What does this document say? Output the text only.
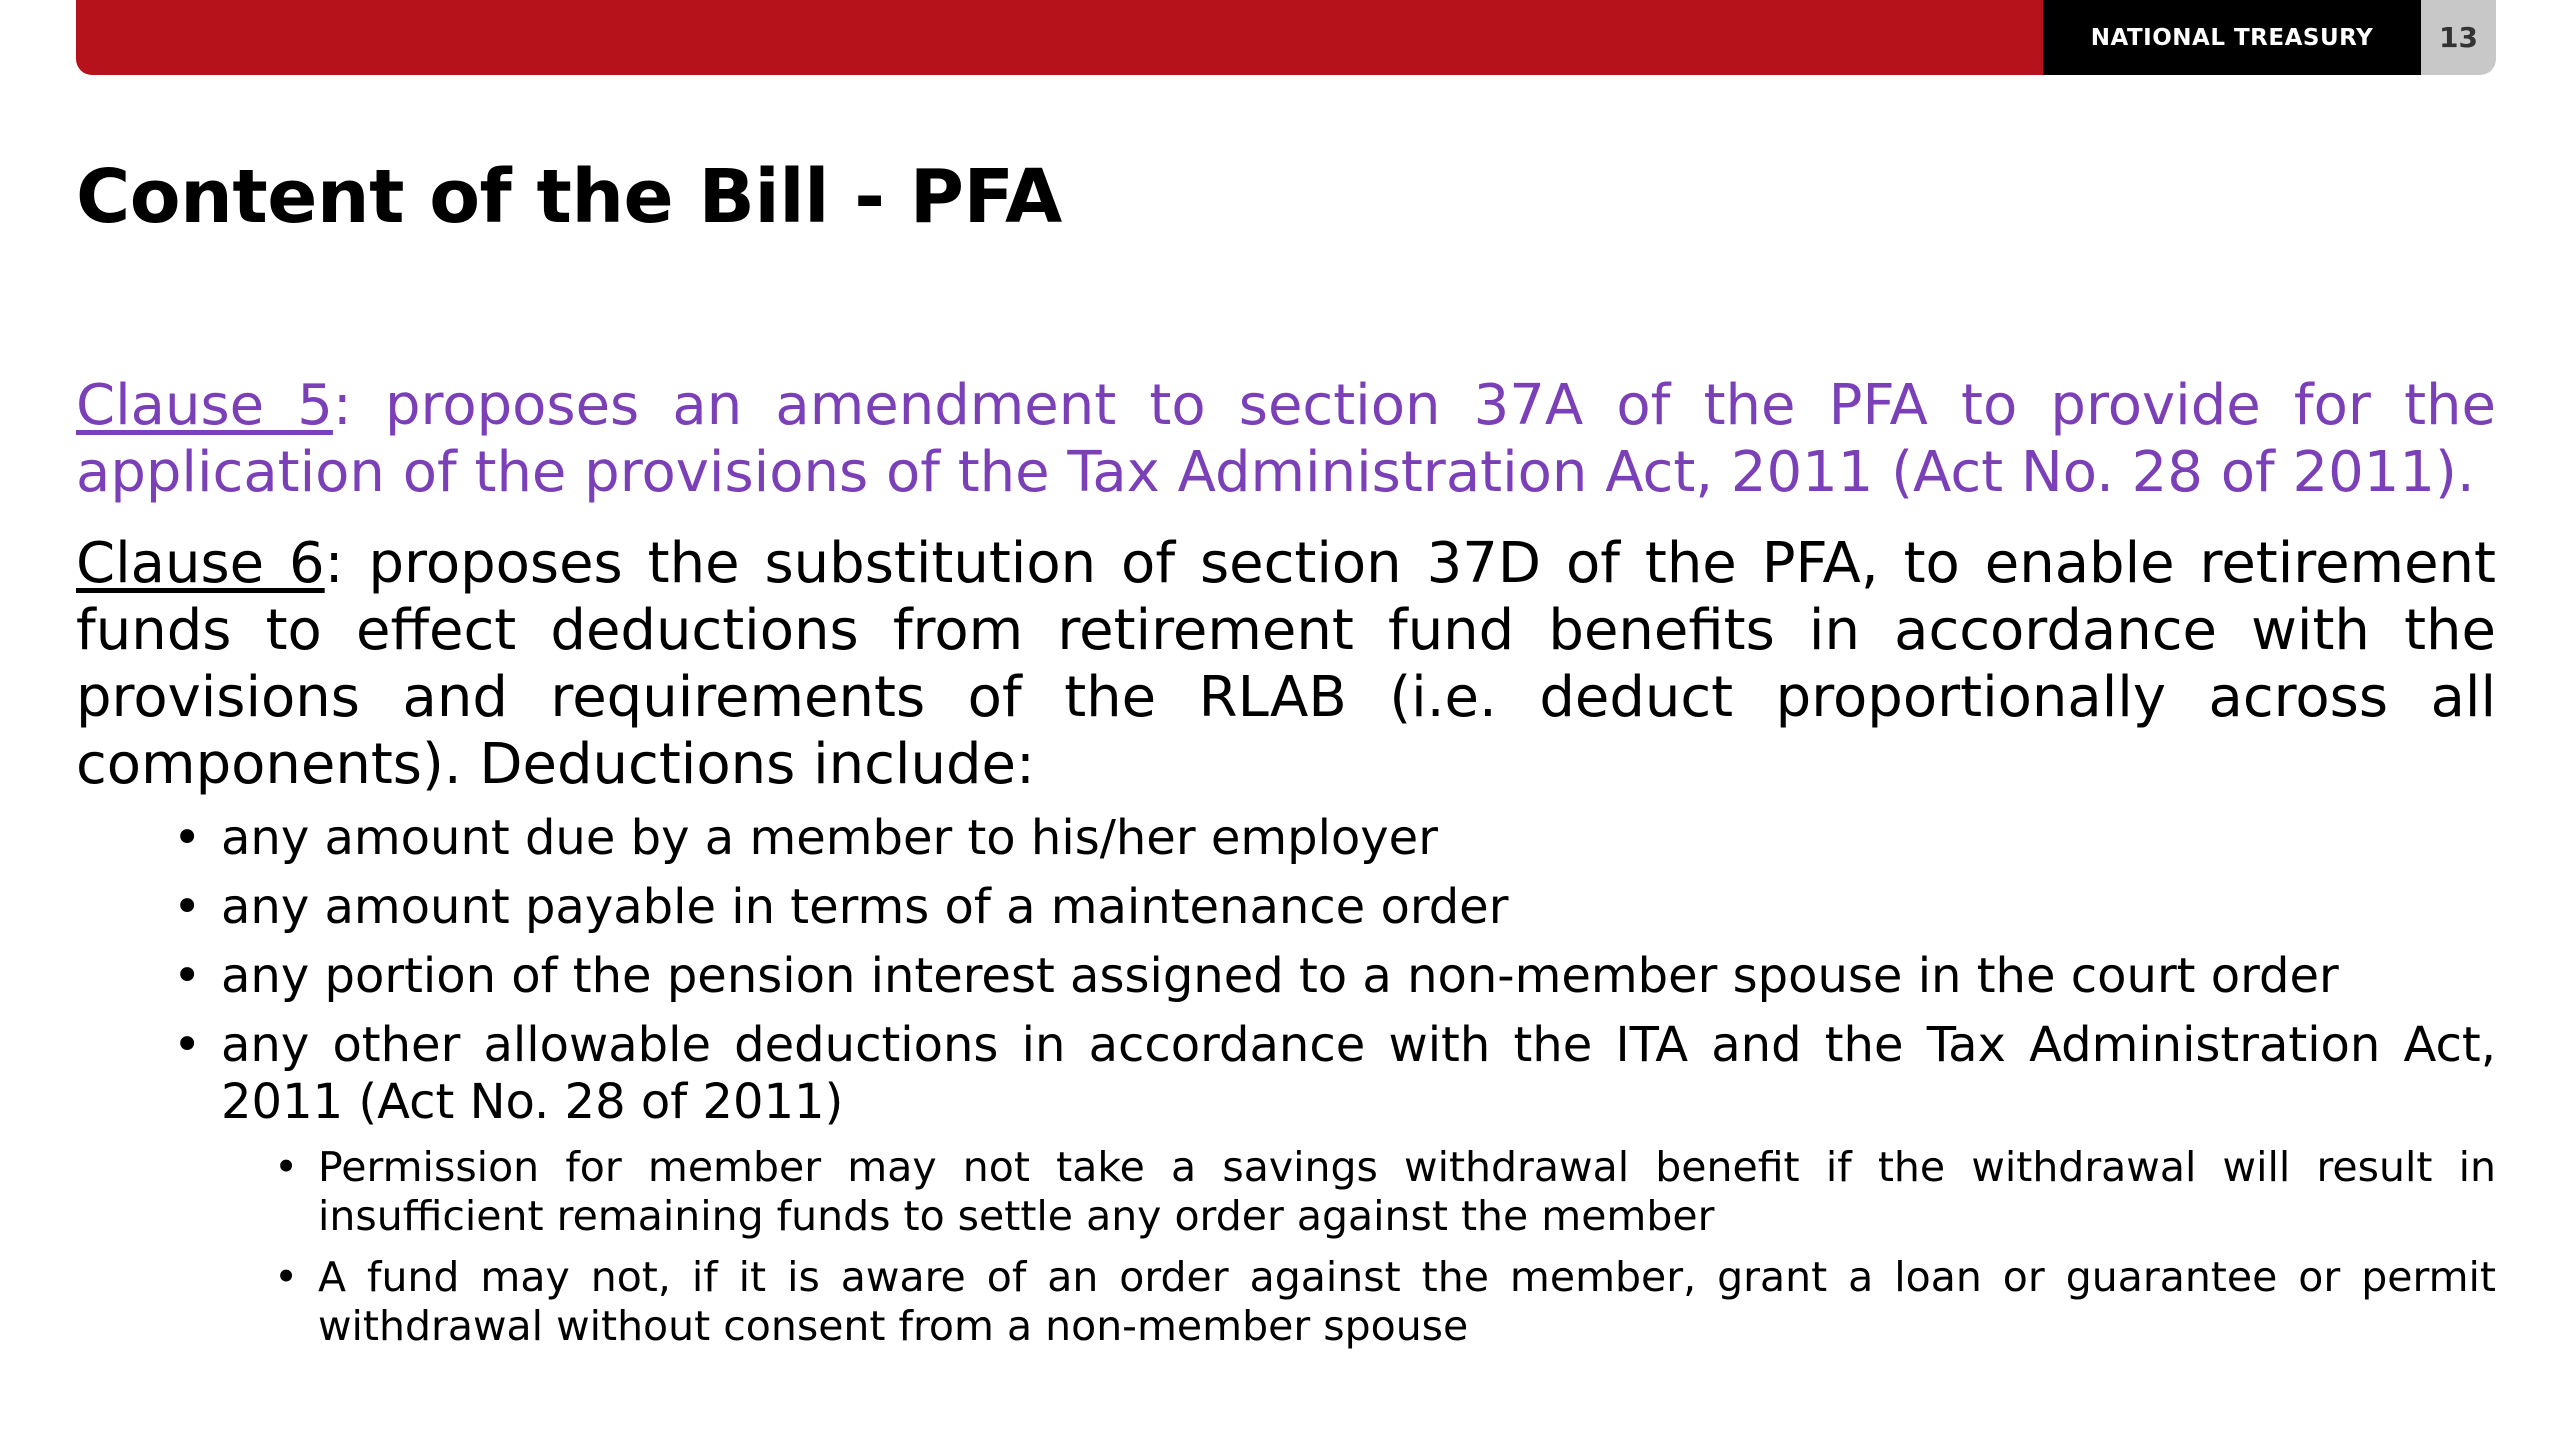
NATIONAL TREASURY	13
Content of the Bill - PFA

Clause 5: proposes an amendment to section 37A of the PFA to provide for the application of the provisions of the Tax Administration Act, 2011 (Act No. 28 of 2011).

Clause 6: proposes the substitution of section 37D of the PFA, to enable retirement funds to effect deductions from retirement fund benefits in accordance with the provisions and requirements of the RLAB (i.e. deduct proportionally across all components). Deductions include:

• any amount due by a member to his/her employer
• any amount payable in terms of a maintenance order
• any portion of the pension interest assigned to a non-member spouse in the court order
• any other allowable deductions in accordance with the ITA and the Tax Administration Act, 2011 (Act No. 28 of 2011)
• Permission for member may not take a savings withdrawal benefit if the withdrawal will result in insufficient remaining funds to settle any order against the member
• A fund may not, if it is aware of an order against the member, grant a loan or guarantee or permit withdrawal without consent from a non-member spouse
